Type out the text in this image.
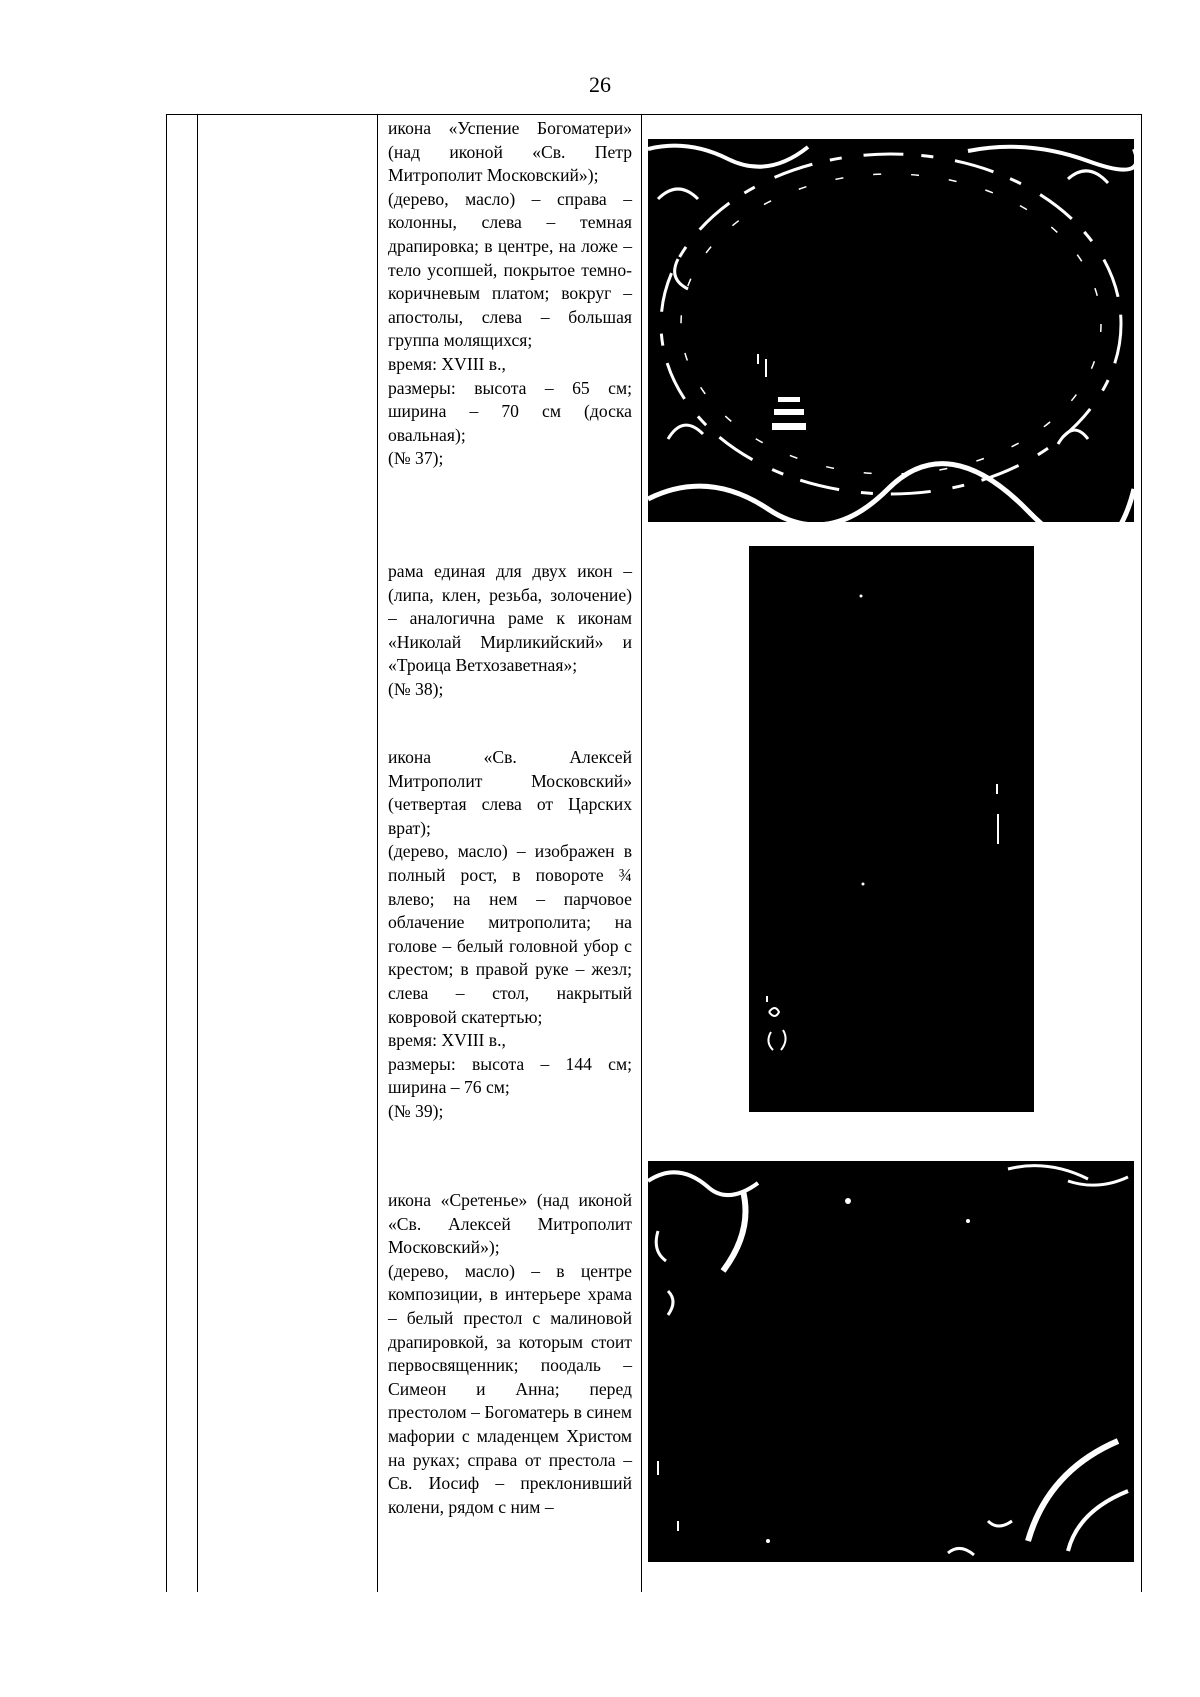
26

икона «Успение Богоматери» (над иконой «Св. Петр Митрополит Московский»);

(дерево, масло) – справа – колонны, слева – темная драпировка; в центре, на ложе – тело усопшей, покрытое темно-коричневым платом; вокруг – апостолы, слева – большая группа молящихся;

время: XVIII в.,

размеры: высота – 65 см; ширина – 70 см (доска овальная);

(№ 37);

рама единая для двух икон – (липа, клен, резьба, золочение) – аналогична раме к иконам «Николай Мирликийский» и «Троица Ветхозаветная»;

(№ 38);

икона «Св. Алексей Митрополит Московский» (четвертая слева от Царских врат);

(дерево, масло) – изображен в полный рост, в повороте ¾ влево; на нем – парчовое облачение митрополита; на голове – белый головной убор с крестом; в правой руке – жезл; слева – стол, накрытый ковровой скатертью;

время: XVIII в.,

размеры: высота – 144 см; ширина – 76 см;

(№ 39);

икона «Сретенье» (над иконой «Св. Алексей Митрополит Московский»);

(дерево, масло) – в центре композиции, в интерьере храма – белый престол с малиновой драпировкой, за которым стоит первосвященник; поодаль – Симеон и Анна; перед престолом – Богоматерь в синем мафории с младенцем Христом на руках; справа от престола – Св. Иосиф – преклонивший колени, рядом с ним –
